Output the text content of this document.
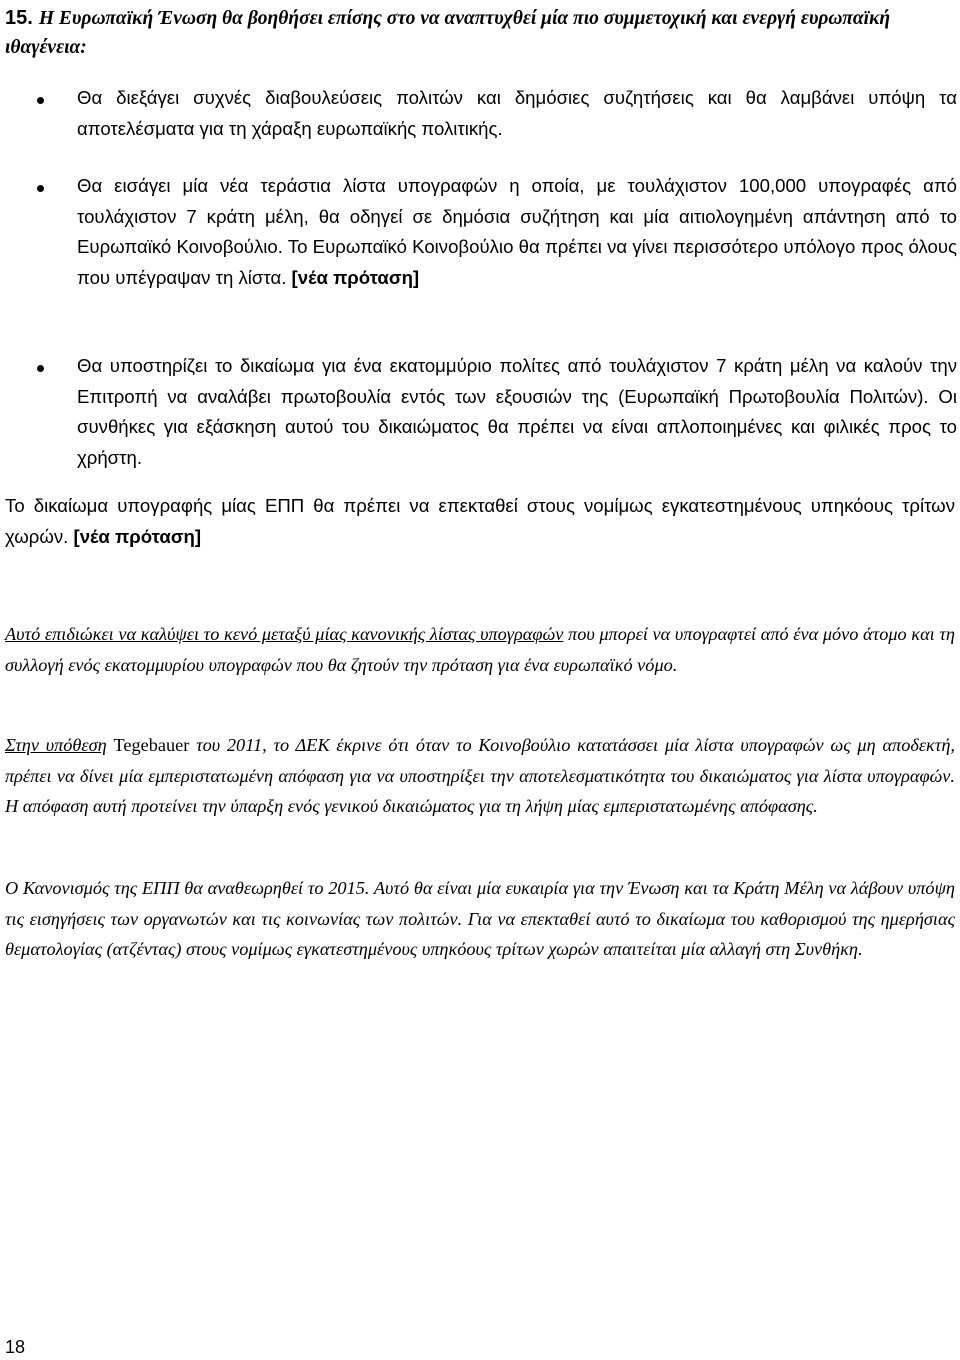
15. Η Ευρωπαϊκή Ένωση θα βοηθήσει επίσης στο να αναπτυχθεί μία πιο συμμετοχική και ενεργή ευρωπαϊκή ιθαγένεια:
Θα διεξάγει συχνές διαβουλεύσεις πολιτών και δημόσιες συζητήσεις και θα λαμβάνει υπόψη τα αποτελέσματα για τη χάραξη ευρωπαϊκής πολιτικής.
Θα εισάγει μία νέα τεράστια λίστα υπογραφών η οποία, με τουλάχιστον 100,000 υπογραφές από τουλάχιστον 7 κράτη μέλη, θα οδηγεί σε δημόσια συζήτηση και μία αιτιολογημένη απάντηση από το Ευρωπαϊκό Κοινοβούλιο. Το Ευρωπαϊκό Κοινοβούλιο θα πρέπει να γίνει περισσότερο υπόλογο προς όλους που υπέγραψαν τη λίστα. [νέα πρόταση]
Θα υποστηρίζει το δικαίωμα για ένα εκατομμύριο πολίτες από τουλάχιστον 7 κράτη μέλη να καλούν την Επιτροπή να αναλάβει πρωτοβουλία εντός των εξουσιών της (Ευρωπαϊκή Πρωτοβουλία Πολιτών). Οι συνθήκες για εξάσκηση αυτού του δικαιώματος θα πρέπει να είναι απλοποιημένες και φιλικές προς το χρήστη.
Το δικαίωμα υπογραφής μίας ΕΠΠ θα πρέπει να επεκταθεί στους νομίμως εγκατεστημένους υπηκόους τρίτων χωρών. [νέα πρόταση]
Αυτό επιδιώκει να καλύψει το κενό μεταξύ μίας κανονικής λίστας υπογραφών που μπορεί να υπογραφτεί από ένα μόνο άτομο και τη συλλογή ενός εκατομμυρίου υπογραφών που θα ζητούν την πρόταση για ένα ευρωπαϊκό νόμο.
Στην υπόθεση Tegebauer του 2011, το ΔΕΚ έκρινε ότι όταν το Κοινοβούλιο κατατάσσει μία λίστα υπογραφών ως μη αποδεκτή, πρέπει να δίνει μία εμπεριστατωμένη απόφαση για να υποστηρίξει την αποτελεσματικότητα του δικαιώματος για λίστα υπογραφών. Η απόφαση αυτή προτείνει την ύπαρξη ενός γενικού δικαιώματος για τη λήψη μίας εμπεριστατωμένης απόφασης.
Ο Κανονισμός της ΕΠΠ θα αναθεωρηθεί το 2015. Αυτό θα είναι μία ευκαιρία για την Ένωση και τα Κράτη Μέλη να λάβουν υπόψη τις εισηγήσεις των οργανωτών και τις κοινωνίας των πολιτών. Για να επεκταθεί αυτό το δικαίωμα του καθορισμού της ημερήσιας θεματολογίας (ατζέντας) στους νομίμως εγκατεστημένους υπηκόους τρίτων χωρών απαιτείται μία αλλαγή στη Συνθήκη.
18
